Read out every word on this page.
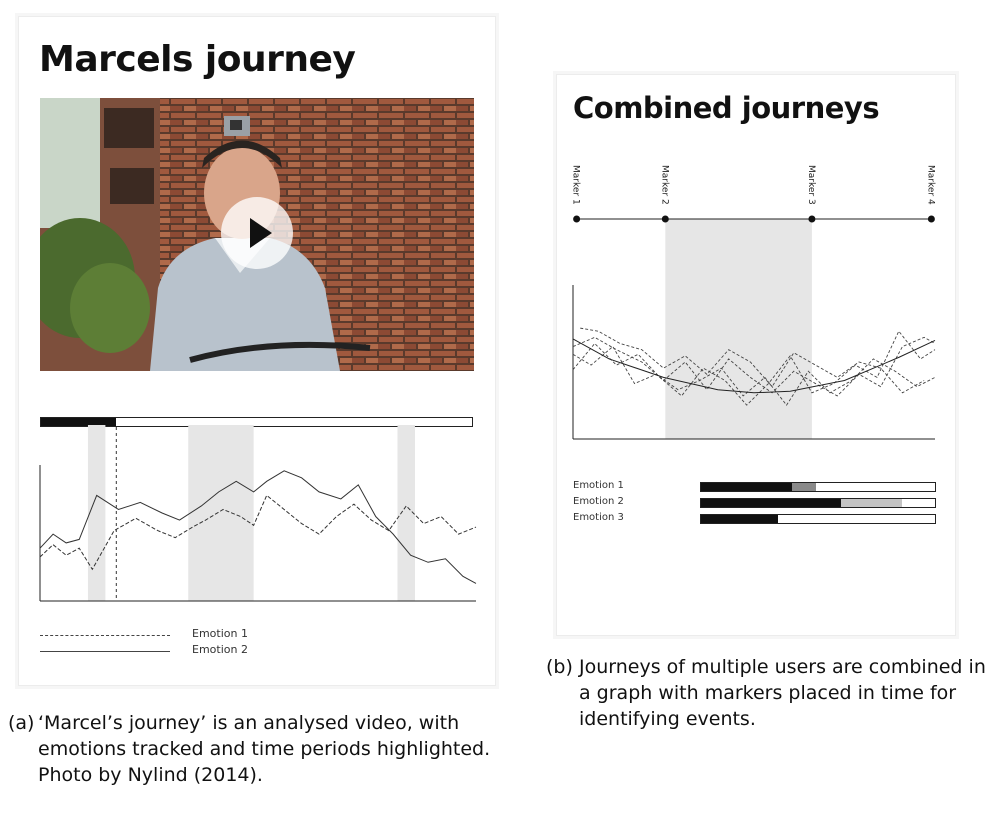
Marcels journey
Emotion 1
Emotion 2
Combined journeys
Marker 1	Marker 2	Marker 3	Marker 4
Emotion 1
Emotion 2
Emotion 3

(a) ‘Marcel’s journey’ is an analysed video, with emotions tracked and time periods highlighted. Photo by Nylind (2014).

(b) Journeys of multiple users are combined in a graph with markers placed in time for identifying events.
